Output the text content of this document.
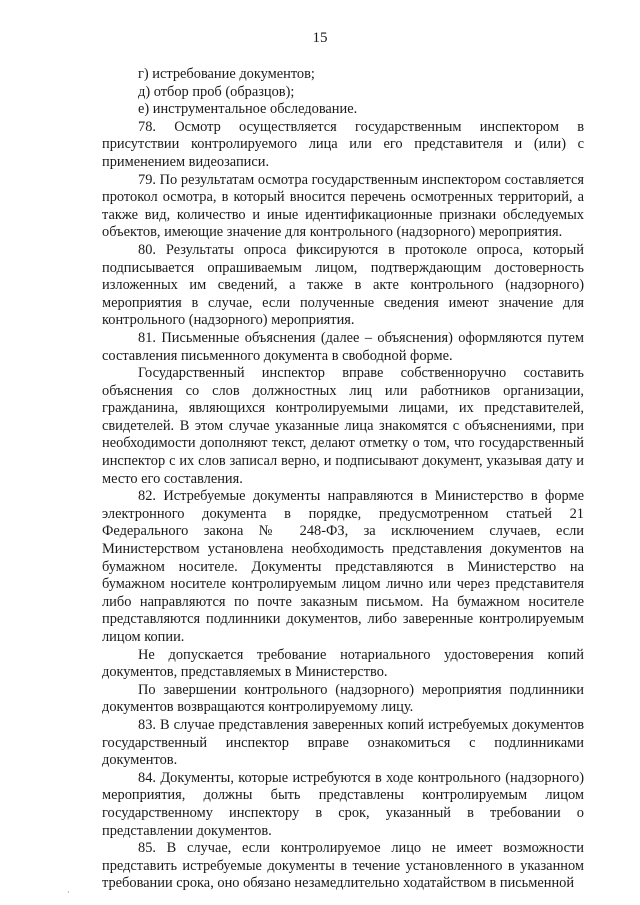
15

г) истребование документов;

д) отбор проб (образцов);

е) инструментальное обследование.

78. Осмотр осуществляется государственным инспектором в присутствии контролируемого лица или его представителя и (или) с применением видеозаписи.

79. По результатам осмотра государственным инспектором составляется протокол осмотра, в который вносится перечень осмотренных территорий, а также вид, количество и иные идентификационные признаки обследуемых объектов, имеющие значение для контрольного (надзорного) мероприятия.

80. Результаты опроса фиксируются в протоколе опроса, который подписывается опрашиваемым лицом, подтверждающим достоверность изложенных им сведений, а также в акте контрольного (надзорного) мероприятия в случае, если полученные сведения имеют значение для контрольного (надзорного) мероприятия.

81. Письменные объяснения (далее – объяснения) оформляются путем составления письменного документа в свободной форме.

Государственный инспектор вправе собственноручно составить объяснения со слов должностных лиц или работников организации, гражданина, являющихся контролируемыми лицами, их представителей, свидетелей. В этом случае указанные лица знакомятся с объяснениями, при необходимости дополняют текст, делают отметку о том, что государственный инспектор с их слов записал верно, и подписывают документ, указывая дату и место его составления.

82. Истребуемые документы направляются в Министерство в форме электронного документа в порядке, предусмотренном статьей 21 Федерального закона № 248-ФЗ, за исключением случаев, если Министерством установлена необходимость представления документов на бумажном носителе. Документы представляются в Министерство на бумажном носителе контролируемым лицом лично или через представителя либо направляются по почте заказным письмом. На бумажном носителе представляются подлинники документов, либо заверенные контролируемым лицом копии.

Не допускается требование нотариального удостоверения копий документов, представляемых в Министерство.

По завершении контрольного (надзорного) мероприятия подлинники документов возвращаются контролируемому лицу.

83. В случае представления заверенных копий истребуемых документов государственный инспектор вправе ознакомиться с подлинниками документов.

84. Документы, которые истребуются в ходе контрольного (надзорного) мероприятия, должны быть представлены контролируемым лицом государственному инспектору в срок, указанный в требовании о представлении документов.

85. В случае, если контролируемое лицо не имеет возможности представить истребуемые документы в течение установленного в указанном требовании срока, оно обязано незамедлительно ходатайством в письменной

·
